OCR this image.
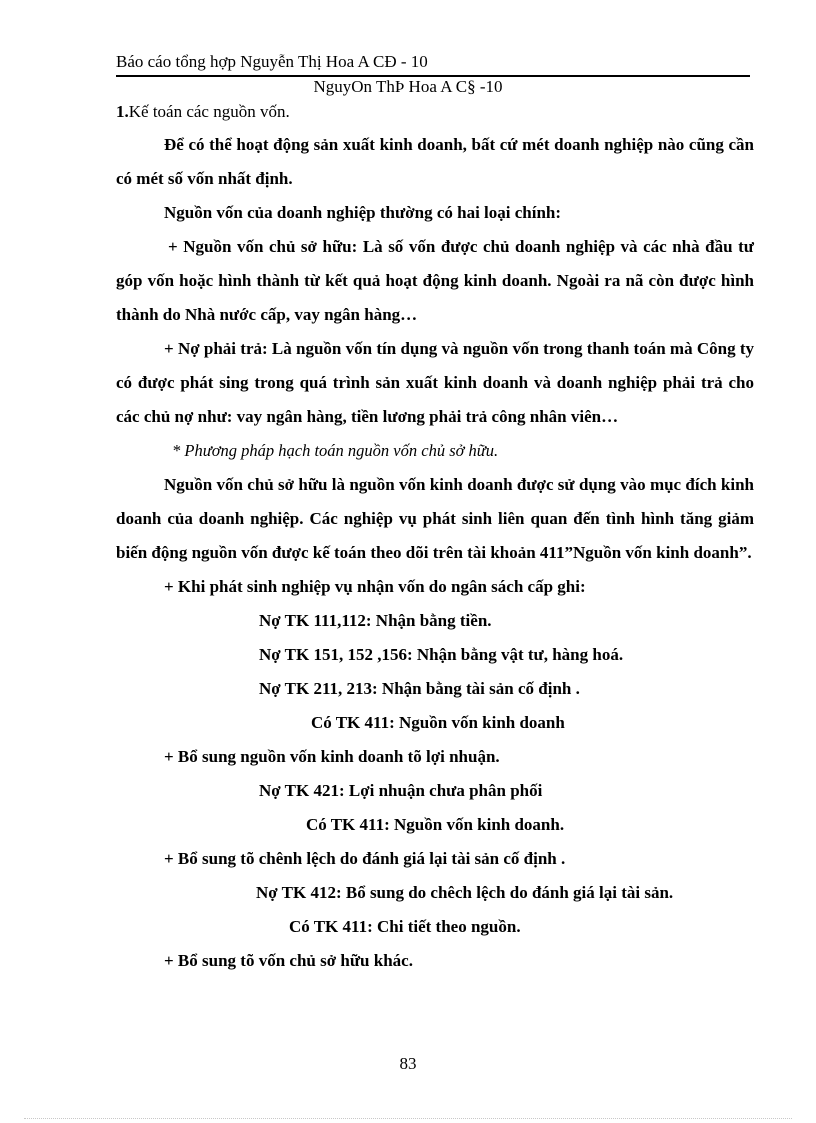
Báo cáo tổng hợp Nguyễn Thị Hoa A CĐ - 10
NguyOn ThÞ Hoa A C§ -10
1.Kế toán các nguồn vốn.

Để có thể hoạt động sản xuất kinh doanh, bất cứ mét doanh nghiệp nào cũng cần có mét số vốn nhất định.

Nguồn vốn của doanh nghiệp thường có hai loại chính:

+ Nguồn vốn chủ sở hữu: Là số vốn được chủ doanh nghiệp và các nhà đầu tư góp vốn hoặc hình thành từ kết quả hoạt động kinh doanh. Ngoài ra nã còn được hình thành do Nhà nước cấp, vay ngân hàng…

+ Nợ phải trả: Là nguồn vốn tín dụng và nguồn vốn trong thanh toán mà Công ty có được phát sing trong quá trình sản xuất kinh doanh và doanh nghiệp phải trả cho các chủ nợ như: vay ngân hàng, tiền lương phải trả công nhân viên…

* Phương pháp hạch toán nguồn vốn chủ sở hữu.

Nguồn vốn chủ sở hữu là nguồn vốn kinh doanh được sử dụng vào mục đích kinh doanh của doanh nghiệp. Các nghiệp vụ phát sinh liên quan đến tình hình tăng giảm biến động nguồn vốn được kế toán theo dõi trên tài khoản 411”Nguồn vốn kinh doanh”.

+ Khi phát sinh nghiệp vụ nhận vốn do ngân sách cấp ghi:
Nợ TK 111,112: Nhận bằng tiền.
Nợ TK 151, 152 ,156: Nhận bằng vật tư, hàng hoá.
Nợ TK 211, 213: Nhận bằng tài sản cố định .
Có TK 411: Nguồn vốn kinh doanh
+ Bổ sung nguồn vốn kinh doanh tõ lợi nhuận.
Nợ TK 421: Lợi nhuận chưa phân phối
Có TK 411: Nguồn vốn kinh doanh.
+ Bổ sung tõ chênh lệch do đánh giá lại tài sản cố định .
Nợ TK 412: Bổ sung do chêch lệch do đánh giá lại tài sản.
Có TK 411: Chi tiết theo nguồn.
+ Bổ sung tõ vốn chủ sở hữu khác.
83
